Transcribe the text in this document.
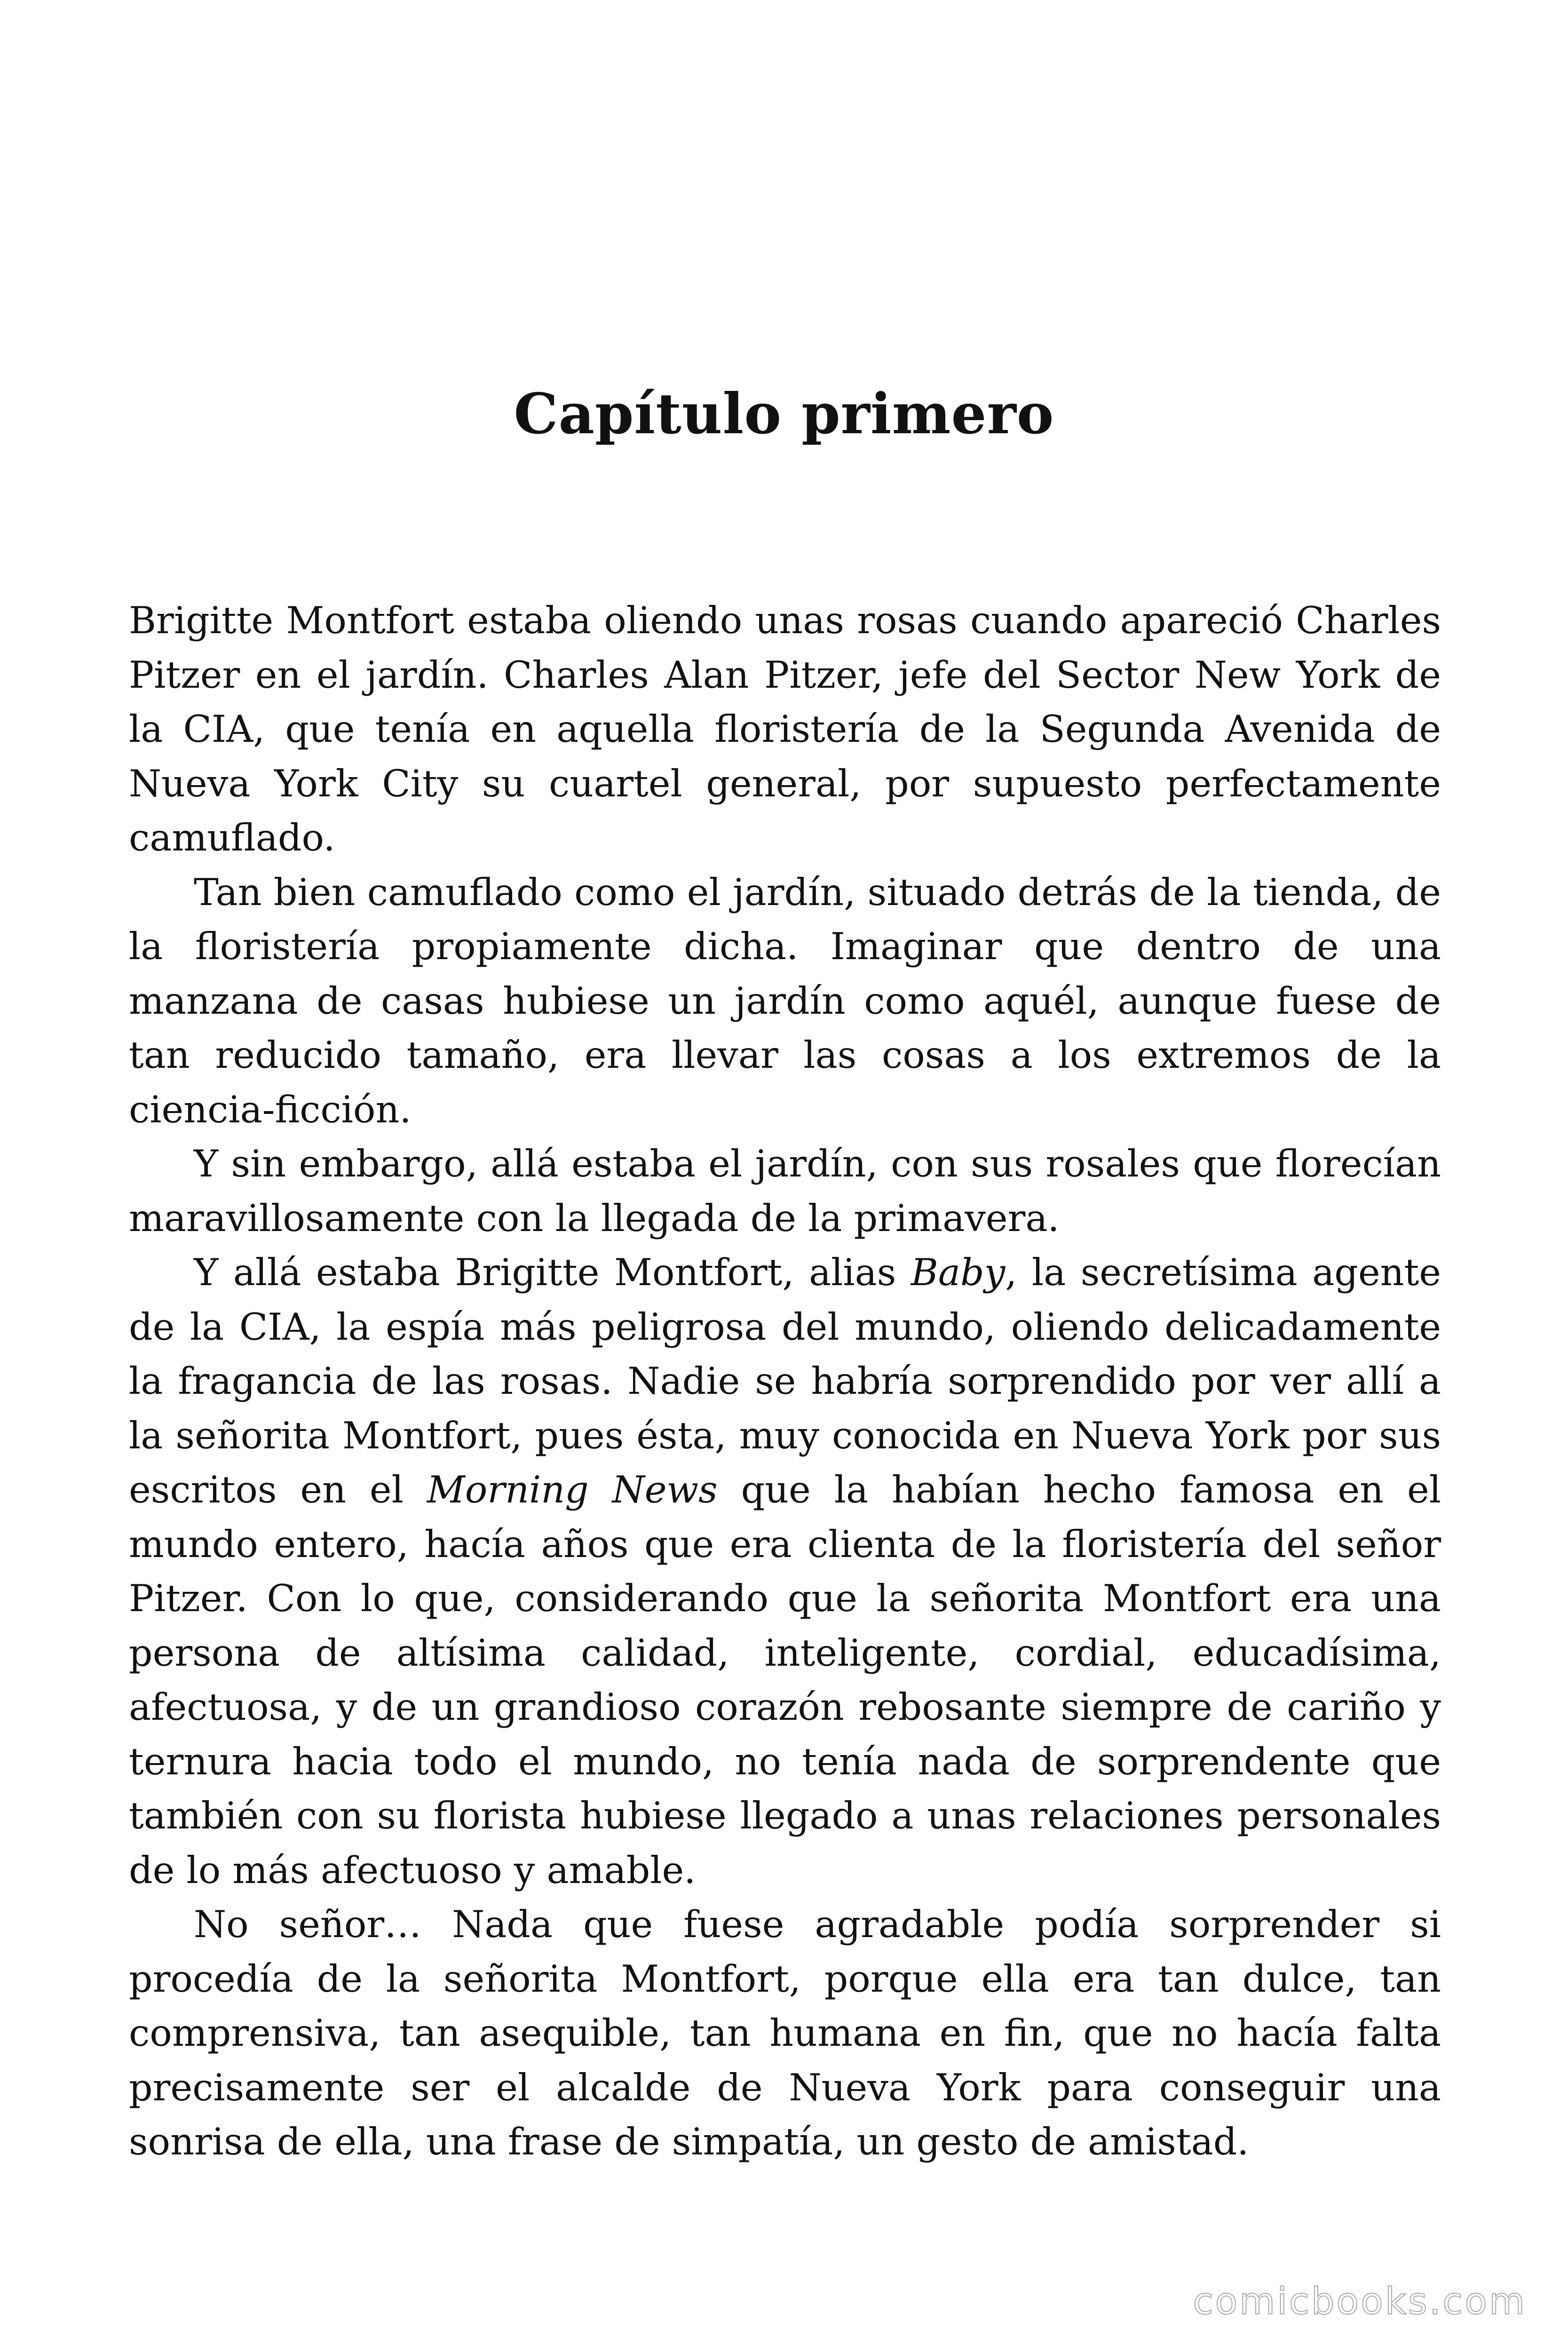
Capítulo primero

Brigitte Montfort estaba oliendo unas rosas cuando apareció Charles Pitzer en el jardín. Charles Alan Pitzer, jefe del Sector New York de la CIA, que tenía en aquella floristería de la Segunda Avenida de Nueva York City su cuartel general, por supuesto perfectamente camuflado.

Tan bien camuflado como el jardín, situado detrás de la tienda, de la floristería propiamente dicha. Imaginar que dentro de una manzana de casas hubiese un jardín como aquél, aunque fuese de tan reducido tamaño, era llevar las cosas a los extremos de la ciencia-ficción.

Y sin embargo, allá estaba el jardín, con sus rosales que florecían maravillosamente con la llegada de la primavera.

Y allá estaba Brigitte Montfort, alias Baby, la secretísima agente de la CIA, la espía más peligrosa del mundo, oliendo delicadamente la fragancia de las rosas. Nadie se habría sorprendido por ver allí a la señorita Montfort, pues ésta, muy conocida en Nueva York por sus escritos en el Morning News que la habían hecho famosa en el mundo entero, hacía años que era clienta de la floristería del señor Pitzer. Con lo que, considerando que la señorita Montfort era una persona de altísima calidad, inteligente, cordial, educadísima, afectuosa, y de un grandioso corazón rebosante siempre de cariño y ternura hacia todo el mundo, no tenía nada de sorprendente que también con su florista hubiese llegado a unas relaciones personales de lo más afectuoso y amable.

No señor… Nada que fuese agradable podía sorprender si procedía de la señorita Montfort, porque ella era tan dulce, tan comprensiva, tan asequible, tan humana en fin, que no hacía falta precisamente ser el alcalde de Nueva York para conseguir una sonrisa de ella, una frase de simpatía, un gesto de amistad.

comicbooks.com
